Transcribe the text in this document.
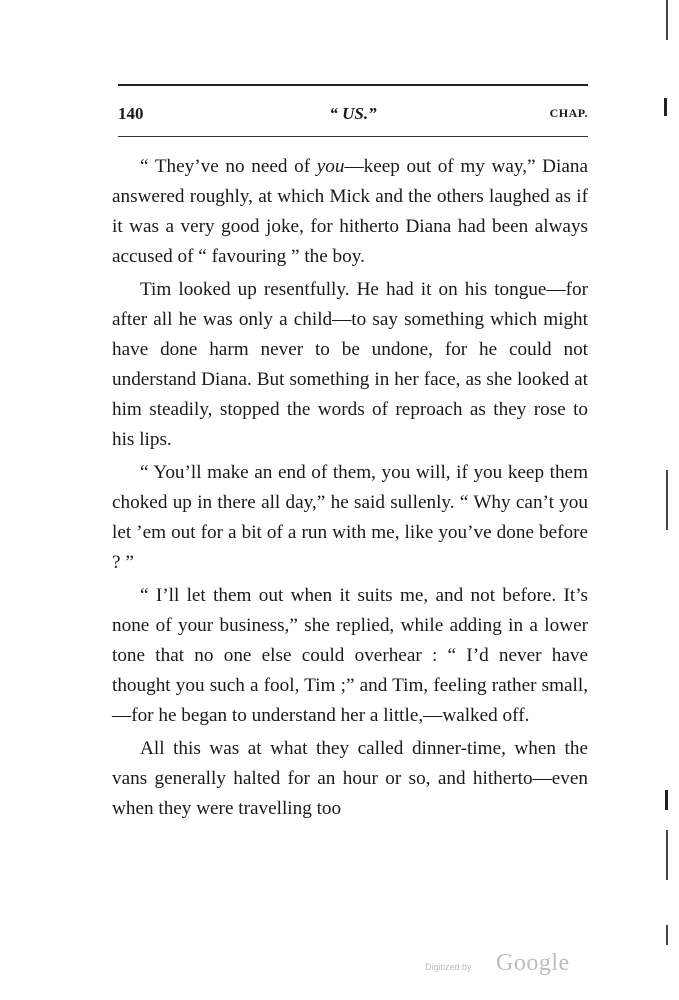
140	“ US.”	CHAP.

“ They’ve no need of you—keep out of my way,” Diana answered roughly, at which Mick and the others laughed as if it was a very good joke, for hitherto Diana had been always accused of “ favouring ” the boy.

Tim looked up resentfully. He had it on his tongue—for after all he was only a child—to say something which might have done harm never to be undone, for he could not understand Diana. But something in her face, as she looked at him steadily, stopped the words of reproach as they rose to his lips.

“ You’ll make an end of them, you will, if you keep them choked up in there all day,” he said sullenly. “ Why can’t you let ’em out for a bit of a run with me, like you’ve done before ? ”

“ I’ll let them out when it suits me, and not before. It’s none of your business,” she replied, while adding in a lower tone that no one else could overhear : “ I’d never have thought you such a fool, Tim ;” and Tim, feeling rather small,—for he began to understand her a little,—walked off.

All this was at what they called dinner-time, when the vans generally halted for an hour or so, and hitherto—even when they were travelling too

Digitized by Google
